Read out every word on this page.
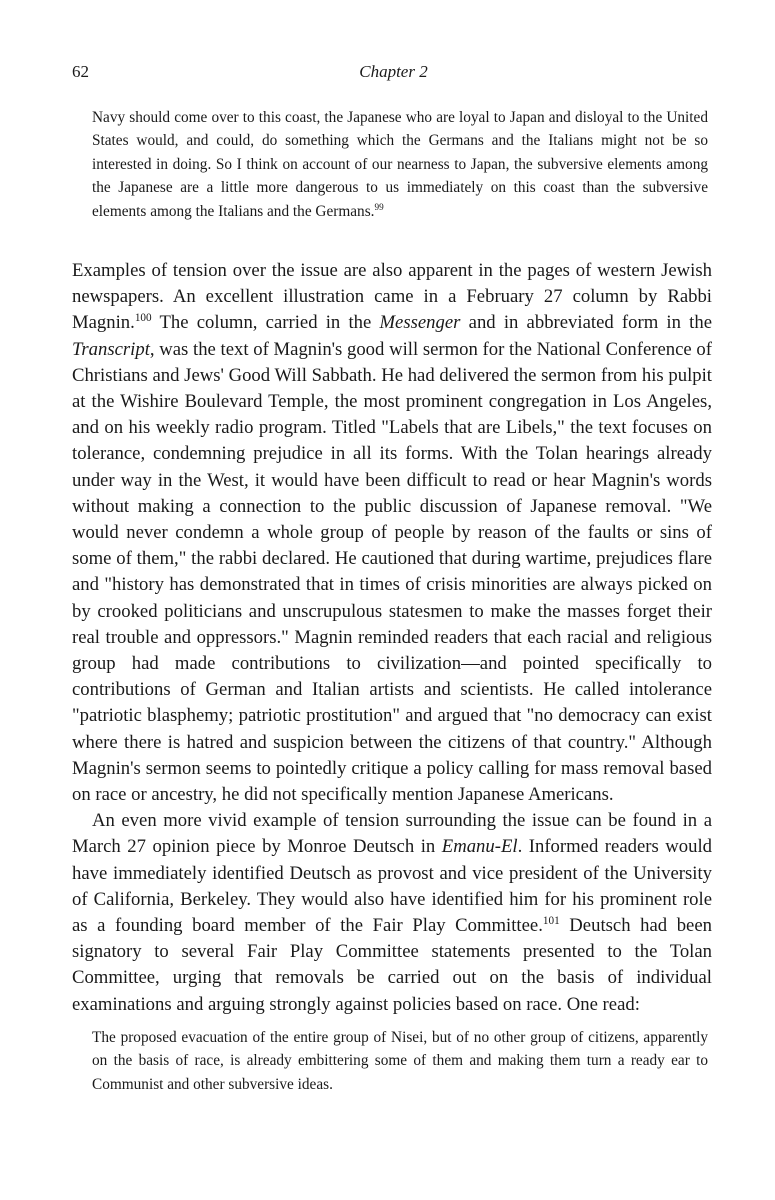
62	Chapter 2
Navy should come over to this coast, the Japanese who are loyal to Japan and disloyal to the United States would, and could, do something which the Germans and the Italians might not be so interested in doing. So I think on account of our nearness to Japan, the subversive elements among the Japanese are a little more dangerous to us immediately on this coast than the subversive elements among the Italians and the Germans.$^{99}$

Examples of tension over the issue are also apparent in the pages of western Jewish newspapers. An excellent illustration came in a February 27 column by Rabbi Magnin.$^{100}$ The column, carried in the Messenger and in abbreviated form in the Transcript, was the text of Magnin's good will sermon for the National Conference of Christians and Jews' Good Will Sabbath. He had delivered the sermon from his pulpit at the Wishire Boulevard Temple, the most prominent congregation in Los Angeles, and on his weekly radio program. Titled "Labels that are Libels," the text focuses on tolerance, condemning prejudice in all its forms. With the Tolan hearings already under way in the West, it would have been difficult to read or hear Magnin's words without making a connection to the public discussion of Japanese removal. "We would never condemn a whole group of people by reason of the faults or sins of some of them," the rabbi declared. He cautioned that during wartime, prejudices flare and "history has demonstrated that in times of crisis minorities are always picked on by crooked politicians and unscrupulous statesmen to make the masses forget their real trouble and oppressors." Magnin reminded readers that each racial and religious group had made contributions to civilization—and pointed specifically to contributions of German and Italian artists and scientists. He called intolerance "patriotic blasphemy; patriotic prostitution" and argued that "no democracy can exist where there is hatred and suspicion between the citizens of that country." Although Magnin's sermon seems to pointedly critique a policy calling for mass removal based on race or ancestry, he did not specifically mention Japanese Americans.

An even more vivid example of tension surrounding the issue can be found in a March 27 opinion piece by Monroe Deutsch in Emanu-El. Informed readers would have immediately identified Deutsch as provost and vice president of the University of California, Berkeley. They would also have identified him for his prominent role as a founding board member of the Fair Play Committee.$^{101}$ Deutsch had been signatory to several Fair Play Committee statements presented to the Tolan Committee, urging that removals be carried out on the basis of individual examinations and arguing strongly against policies based on race. One read:

The proposed evacuation of the entire group of Nisei, but of no other group of citizens, apparently on the basis of race, is already embittering some of them and making them turn a ready ear to Communist and other subversive ideas.
